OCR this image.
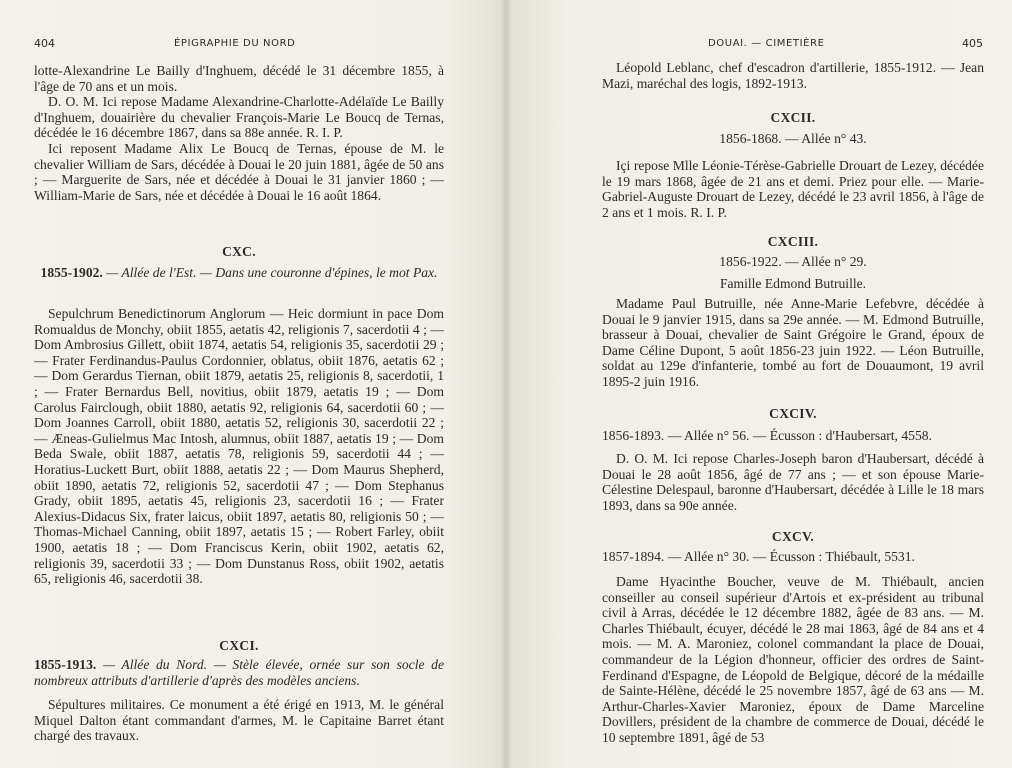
404	ÉPIGRAPHIE DU NORD

lotte-Alexandrine Le Bailly d'Inghuem, décédé le 31 décembre 1855, à l'âge de 70 ans et un mois.

D. O. M. Ici repose Madame Alexandrine-Charlotte-Adélaïde Le Bailly d'Inghuem, douairière du chevalier François-Marie Le Boucq de Ternas, décédée le 16 décembre 1867, dans sa 88e année. R. I. P.

Ici reposent Madame Alix Le Boucq de Ternas, épouse de M. le chevalier William de Sars, décédée à Douai le 20 juin 1881, âgée de 50 ans ; — Marguerite de Sars, née et décédée à Douai le 31 janvier 1860 ; — William-Marie de Sars, née et décédée à Douai le 16 août 1864.

CXC.
1855-1902. — Allée de l'Est. — Dans une couronne d'épines, le mot Pax.

Sepulchrum Benedictinorum Anglorum — Heic dormiunt in pace Dom Romualdus de Monchy, obiit 1855, aetatis 42, religionis 7, sacerdotii 4 ; — Dom Ambrosius Gillett, obiit 1874, aetatis 54, religionis 35, sacerdotii 29 ; — Frater Ferdinandus-Paulus Cordonnier, oblatus, obiit 1876, aetatis 62 ; — Dom Gerardus Tiernan, obiit 1879, aetatis 25, religionis 8, sacerdotii, 1 ; — Frater Bernardus Bell, novitius, obiit 1879, aetatis 19 ; — Dom Carolus Fairclough, obiit 1880, aetatis 92, religionis 64, sacerdotii 60 ; — Dom Joannes Carroll, obiit 1880, aetatis 52, religionis 30, sacerdotii 22 ; — Æneas-Gulielmus Mac Intosh, alumnus, obiit 1887, aetatis 19 ; — Dom Beda Swale, obiit 1887, aetatis 78, religionis 59, sacerdotii 44 ; — Horatius-Luckett Burt, obiit 1888, aetatis 22 ; — Dom Maurus Shepherd, obiit 1890, aetatis 72, religionis 52, sacerdotii 47 ; — Dom Stephanus Grady, obiit 1895, aetatis 45, religionis 23, sacerdotii 16 ; — Frater Alexius-Didacus Six, frater laicus, obiit 1897, aetatis 80, religionis 50 ; — Thomas-Michael Canning, obiit 1897, aetatis 15 ; — Robert Farley, obiit 1900, aetatis 18 ; — Dom Franciscus Kerin, obiit 1902, aetatis 62, religionis 39, sacerdotii 33 ; — Dom Dunstanus Ross, obiit 1902, aetatis 65, religionis 46, sacerdotii 38.

CXCI.
1855-1913. — Allée du Nord. — Stèle élevée, ornée sur son socle de nombreux attributs d'artillerie d'après des modèles anciens.

Sépultures militaires. Ce monument a été érigé en 1913, M. le général Miquel Dalton étant commandant d'armes, M. le Capitaine Barret étant chargé des travaux.

DOUAI. — CIMETIÈRE	405

Léopold Leblanc, chef d'escadron d'artillerie, 1855-1912. — Jean Mazi, maréchal des logis, 1892-1913.

CXCII.
1856-1868. — Allée n° 43.

Içi repose Mlle Léonie-Térèse-Gabrielle Drouart de Lezey, décédée le 19 mars 1868, âgée de 21 ans et demi. Priez pour elle. — Marie-Gabriel-Auguste Drouart de Lezey, décédé le 23 avril 1856, à l'âge de 2 ans et 1 mois. R. I. P.

CXCIII.
1856-1922. — Allée n° 29.
Famille Edmond Butruille.

Madame Paul Butruille, née Anne-Marie Lefebvre, décédée à Douai le 9 janvier 1915, dans sa 29e année. — M. Edmond Butruille, brasseur à Douai, chevalier de Saint Grégoire le Grand, époux de Dame Céline Dupont, 5 août 1856-23 juin 1922. — Léon Butruille, soldat au 129e d'infanterie, tombé au fort de Douaumont, 19 avril 1895-2 juin 1916.

CXCIV.
1856-1893. — Allée n° 56. — Écusson : d'Haubersart, 4558.

D. O. M. Ici repose Charles-Joseph baron d'Haubersart, décédé à Douai le 28 août 1856, âgé de 77 ans ; — et son épouse Marie-Célestine Delespaul, baronne d'Haubersart, décédée à Lille le 18 mars 1893, dans sa 90e année.

CXCV.
1857-1894. — Allée n° 30. — Écusson : Thiébault, 5531.

Dame Hyacinthe Boucher, veuve de M. Thiébault, ancien conseiller au conseil supérieur d'Artois et ex-président au tribunal civil à Arras, décédée le 12 décembre 1882, âgée de 83 ans. — M. Charles Thiébault, écuyer, décédé le 28 mai 1863, âgé de 84 ans et 4 mois. — M. A. Maroniez, colonel commandant la place de Douai, commandeur de la Légion d'honneur, officier des ordres de Saint-Ferdinand d'Espagne, de Léopold de Belgique, décoré de la médaille de Sainte-Hélène, décédé le 25 novembre 1857, âgé de 63 ans — M. Arthur-Charles-Xavier Maroniez, époux de Dame Marceline Dovillers, président de la chambre de commerce de Douai, décédé le 10 septembre 1891, âgé de 53
